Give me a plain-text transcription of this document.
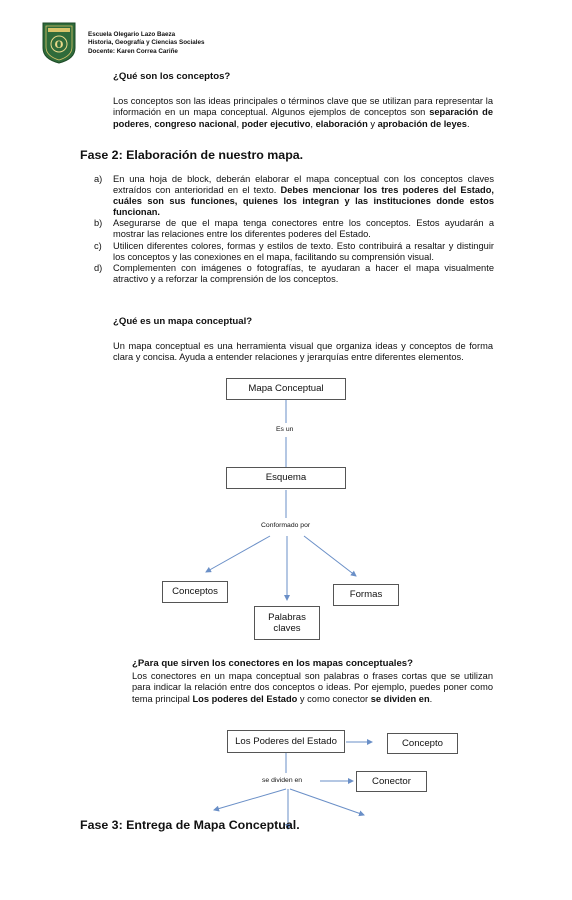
O
Escuela Olegario Lazo Baeza
Historia, Geografía y Ciencias Sociales
Docente: Karen Correa Cariñe
¿Qué son los conceptos?
Los conceptos son las ideas principales o términos clave que se utilizan para representar la información en un mapa conceptual. Algunos ejemplos de conceptos son separación de poderes, congreso nacional, poder ejecutivo, elaboración y aprobación de leyes.
Fase 2: Elaboración de nuestro mapa.
a) En una hoja de block, deberán elaborar el mapa conceptual con los conceptos claves extraídos con anterioridad en el texto. Debes mencionar los tres poderes del Estado, cuáles son sus funciones, quienes los integran y las instituciones donde estos funcionan.
b) Asegurarse de que el mapa tenga conectores entre los conceptos. Estos ayudarán a mostrar las relaciones entre los diferentes poderes del Estado.
c) Utilicen diferentes colores, formas y estilos de texto. Esto contribuirá a resaltar y distinguir los conceptos y las conexiones en el mapa, facilitando su comprensión visual.
d) Complementen con imágenes o fotografías, te ayudaran a hacer el mapa visualmente atractivo y a reforzar la comprensión de los conceptos.
¿Qué es un mapa conceptual?
Un mapa conceptual es una herramienta visual que organiza ideas y conceptos de forma clara y concisa. Ayuda a entender relaciones y jerarquías entre diferentes elementos.
Mapa Conceptual
Es un
Esquema
Conformado por
Conceptos
Palabras claves
Formas
¿Para que sirven los conectores en los mapas conceptuales?
Los conectores en un mapa conceptual son palabras o frases cortas que se utilizan para indicar la relación entre dos conceptos o ideas. Por ejemplo, puedes poner como tema principal Los poderes del Estado y como conector se dividen en.
Los Poderes del Estado	Concepto
se dividen en	Conector
Fase 3: Entrega de Mapa Conceptual.
